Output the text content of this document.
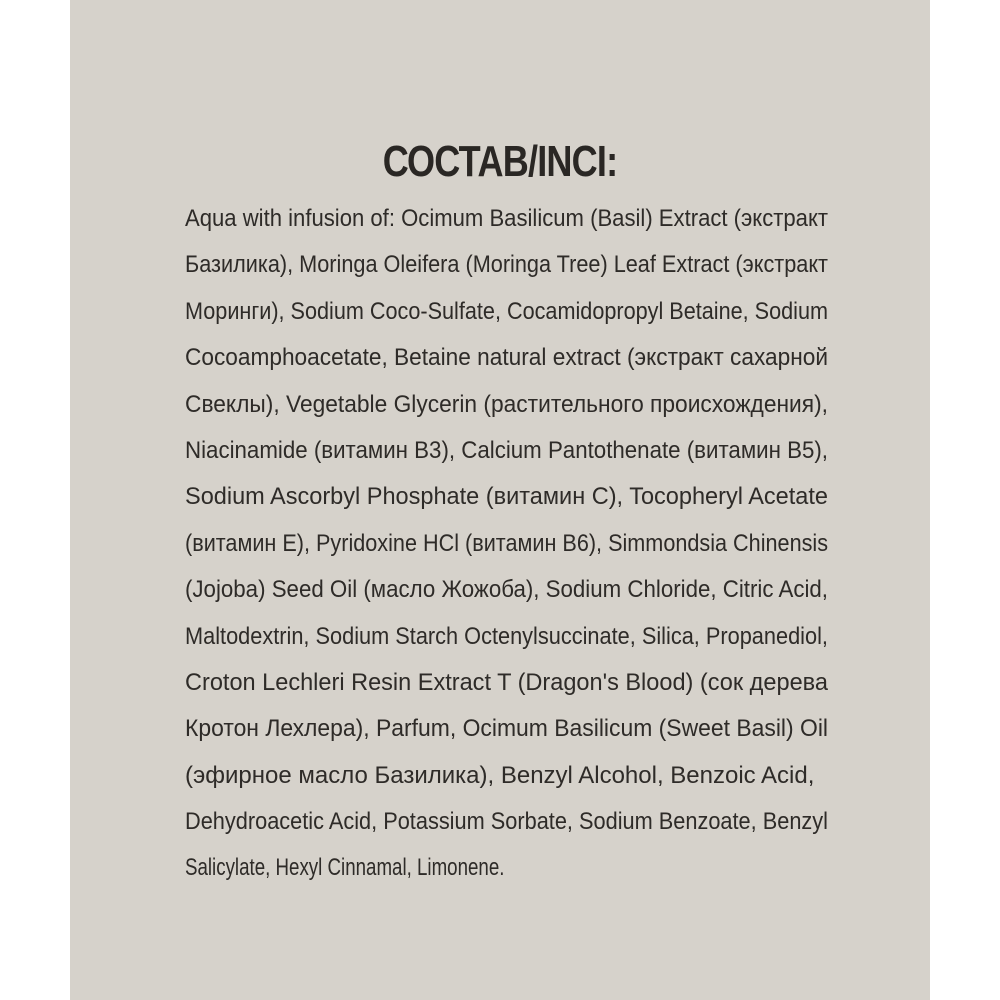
СОСТАВ/INCI:
Aqua with infusion of: Ocimum Basilicum (Basil) Extract (экстракт
Базилика), Moringa Oleifera (Moringa Tree) Leaf Extract (экстракт
Моринги), Sodium Coco-Sulfate, Cocamidopropyl Betaine, Sodium
Cocoamphoacetate, Betaine natural extract (экстракт сахарной
Свеклы), Vegetable Glycerin (растительного происхождения),
Niacinamide (витамин B3), Calcium Pantothenate (витамин B5),
Sodium Ascorbyl Phosphate (витамин C), Tocopheryl Acetate
(витамин E), Pyridoxine HCl (витамин B6), Simmondsia Chinensis
(Jojoba) Seed Oil (масло Жожоба), Sodium Chloride, Citric Acid,
Maltodextrin, Sodium Starch Octenylsuccinate, Silica, Propanediol,
Croton Lechleri Resin Extract T (Dragon's Blood) (сок дерева
Кротон Лехлера), Parfum, Ocimum Basilicum (Sweet Basil) Oil
(эфирное масло Базилика), Benzyl Alcohol, Benzoic Acid,
Dehydroacetic Acid, Potassium Sorbate, Sodium Benzoate, Benzyl
Salicylate, Hexyl Cinnamal, Limonene.
